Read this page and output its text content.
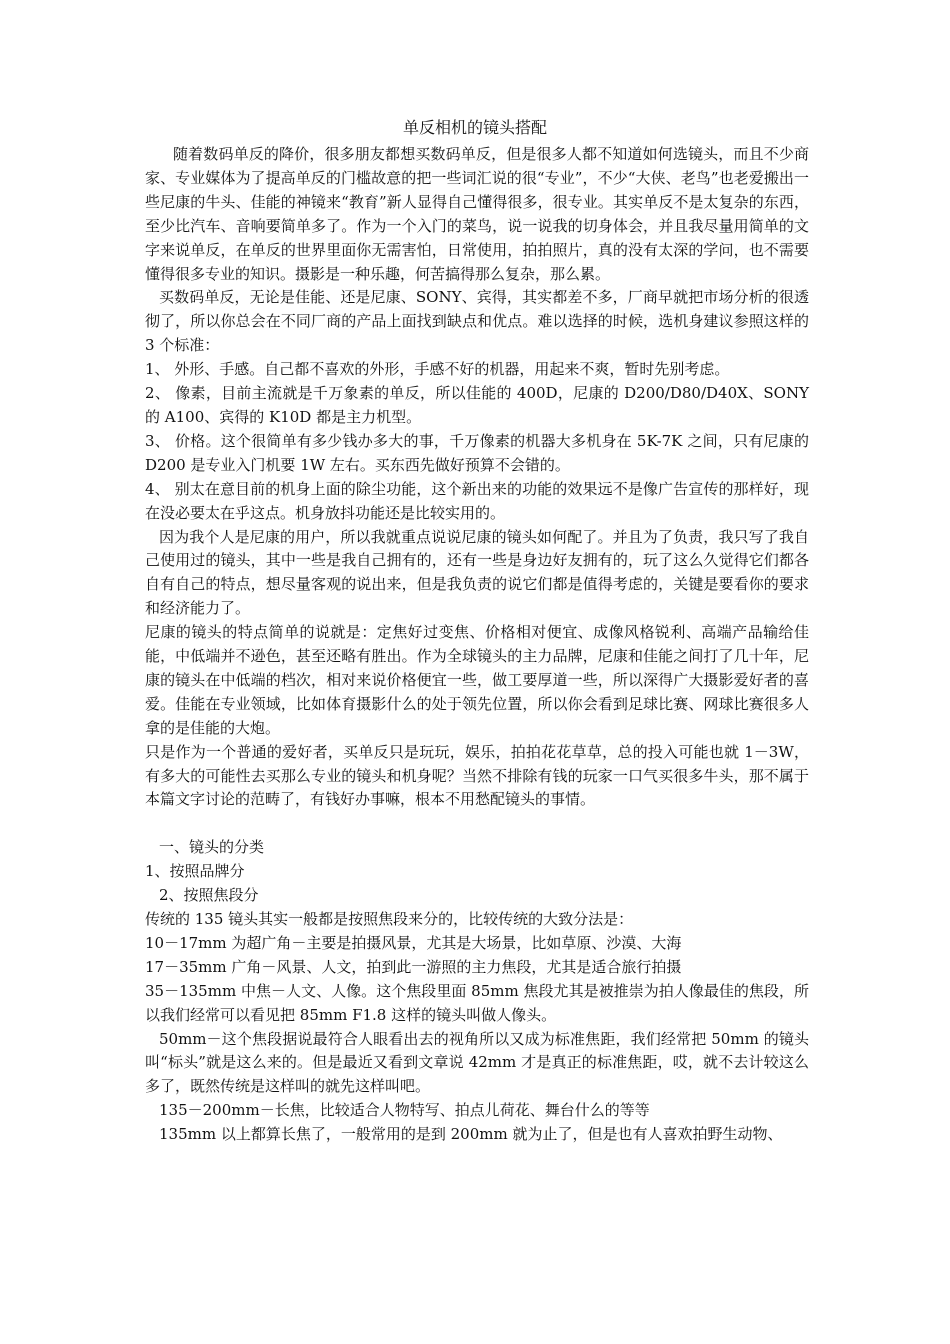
单反相机的镜头搭配

随着数码单反的降价，很多朋友都想买数码单反，但是很多人都不知道如何选镜头，而且不少商家、专业媒体为了提高单反的门槛故意的把一些词汇说的很“专业”，不少“大侠、老鸟”也老爱搬出一些尼康的牛头、佳能的神镜来“教育”新人显得自己懂得很多，很专业。其实单反不是太复杂的东西，至少比汽车、音响要简单多了。作为一个入门的菜鸟，说一说我的切身体会，并且我尽量用简单的文字来说单反，在单反的世界里面你无需害怕，日常使用，拍拍照片，真的没有太深的学问，也不需要懂得很多专业的知识。摄影是一种乐趣，何苦搞得那么复杂，那么累。

买数码单反，无论是佳能、还是尼康、SONY、宾得，其实都差不多，厂商早就把市场分析的很透彻了，所以你总会在不同厂商的产品上面找到缺点和优点。难以选择的时候，选机身建议参照这样的 3 个标准：

1、 外形、手感。自己都不喜欢的外形，手感不好的机器，用起来不爽，暂时先别考虑。

2、 像素，目前主流就是千万象素的单反，所以佳能的 400D，尼康的 D200/D80/D40X、SONY 的 A100、宾得的 K10D 都是主力机型。

3、 价格。这个很简单有多少钱办多大的事，千万像素的机器大多机身在 5K-7K 之间，只有尼康的 D200 是专业入门机要 1W 左右。买东西先做好预算不会错的。

4、 别太在意目前的机身上面的除尘功能，这个新出来的功能的效果远不是像广告宣传的那样好，现在没必要太在乎这点。机身放抖功能还是比较实用的。

因为我个人是尼康的用户，所以我就重点说说尼康的镜头如何配了。并且为了负责，我只写了我自己使用过的镜头，其中一些是我自己拥有的，还有一些是身边好友拥有的，玩了这么久觉得它们都各自有自己的特点，想尽量客观的说出来，但是我负责的说它们都是值得考虑的，关键是要看你的要求和经济能力了。

尼康的镜头的特点简单的说就是：定焦好过变焦、价格相对便宜、成像风格锐利、高端产品输给佳能，中低端并不逊色，甚至还略有胜出。作为全球镜头的主力品牌，尼康和佳能之间打了几十年，尼康的镜头在中低端的档次，相对来说价格便宜一些，做工要厚道一些，所以深得广大摄影爱好者的喜爱。佳能在专业领域，比如体育摄影什么的处于领先位置，所以你会看到足球比赛、网球比赛很多人拿的是佳能的大炮。

只是作为一个普通的爱好者，买单反只是玩玩，娱乐，拍拍花花草草，总的投入可能也就 1－3W，有多大的可能性去买那么专业的镜头和机身呢？当然不排除有钱的玩家一口气买很多牛头，那不属于本篇文字讨论的范畴了，有钱好办事嘛，根本不用愁配镜头的事情。

一、镜头的分类

1、按照品牌分

2、按照焦段分

传统的 135 镜头其实一般都是按照焦段来分的，比较传统的大致分法是：

10－17mm 为超广角－主要是拍摄风景，尤其是大场景，比如草原、沙漠、大海

17－35mm 广角－风景、人文，拍到此一游照的主力焦段，尤其是适合旅行拍摄

35－135mm 中焦－人文、人像。这个焦段里面 85mm 焦段尤其是被推崇为拍人像最佳的焦段，所以我们经常可以看见把 85mm F1.8 这样的镜头叫做人像头。

50mm－这个焦段据说最符合人眼看出去的视角所以又成为标准焦距，我们经常把 50mm 的镜头叫“标头”就是这么来的。但是最近又看到文章说 42mm 才是真正的标准焦距，哎，就不去计较这么多了，既然传统是这样叫的就先这样叫吧。

135－200mm－长焦，比较适合人物特写、拍点儿荷花、舞台什么的等等

135mm 以上都算长焦了，一般常用的是到 200mm 就为止了，但是也有人喜欢拍野生动物、
